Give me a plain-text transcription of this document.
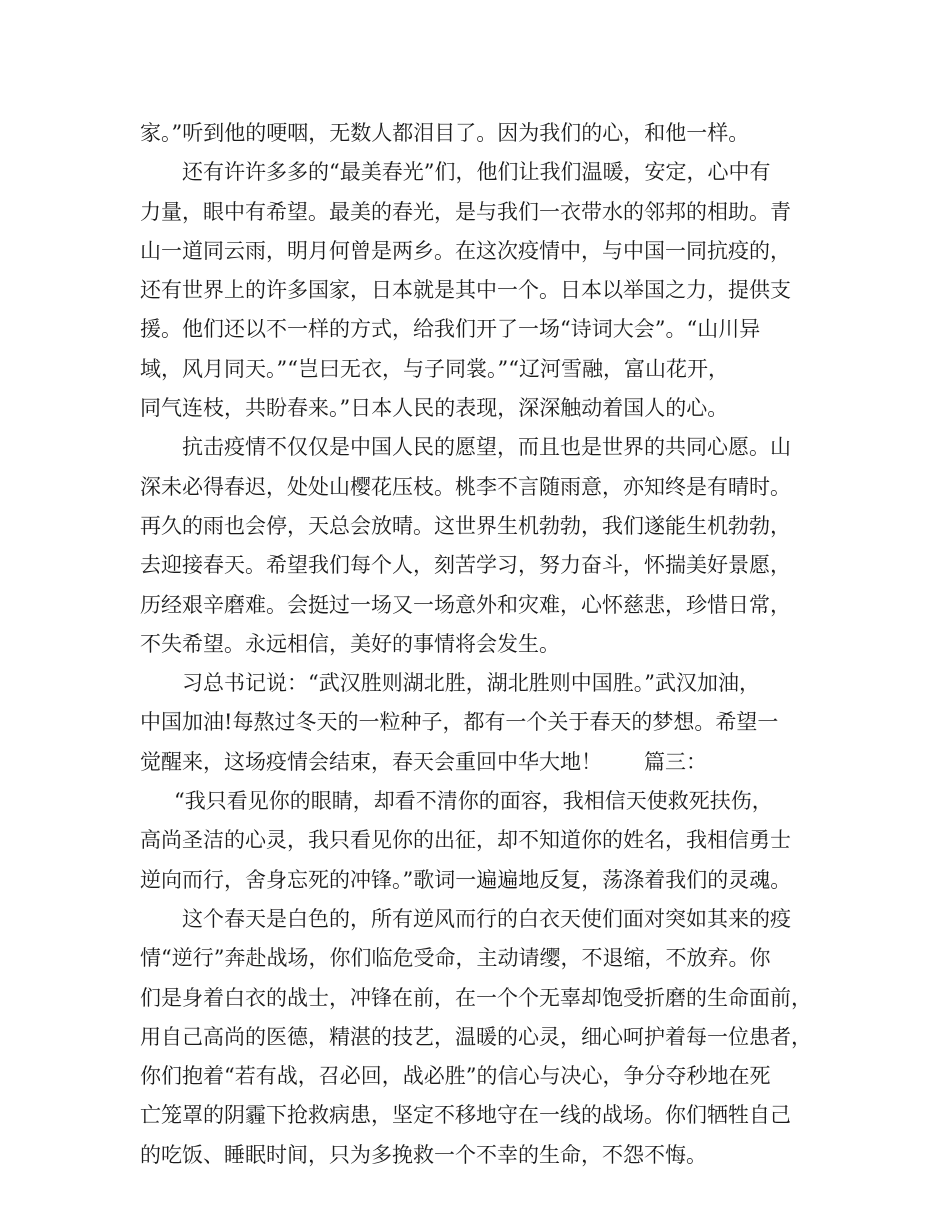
家。”听到他的哽咽，无数人都泪目了。因为我们的心，和他一样。
还有许许多多的“最美春光”们，他们让我们温暖，安定，心中有
力量，眼中有希望。最美的春光，是与我们一衣带水的邻邦的相助。青
山一道同云雨，明月何曾是两乡。在这次疫情中，与中国一同抗疫的，
还有世界上的许多国家，日本就是其中一个。日本以举国之力，提供支
援。他们还以不一样的方式，给我们开了一场“诗词大会”。“山川异
域，风月同天。”“岂曰无衣，与子同裳。”“辽河雪融，富山花开，
同气连枝，共盼春来。”日本人民的表现，深深触动着国人的心。
抗击疫情不仅仅是中国人民的愿望，而且也是世界的共同心愿。山
深未必得春迟，处处山樱花压枝。桃李不言随雨意，亦知终是有晴时。
再久的雨也会停，天总会放晴。这世界生机勃勃，我们遂能生机勃勃，
去迎接春天。希望我们每个人，刻苦学习，努力奋斗，怀揣美好景愿，
历经艰辛磨难。会挺过一场又一场意外和灾难，心怀慈悲，珍惜日常，
不失希望。永远相信，美好的事情将会发生。
习总书记说：“武汉胜则湖北胜，湖北胜则中国胜。”武汉加油，
中国加油!每熬过冬天的一粒种子，都有一个关于春天的梦想。希望一
觉醒来，这场疫情会结束，春天会重回中华大地！　　篇三：
“我只看见你的眼睛，却看不清你的面容，我相信天使救死扶伤，
高尚圣洁的心灵，我只看见你的出征，却不知道你的姓名，我相信勇士
逆向而行，舍身忘死的冲锋。”歌词一遍遍地反复，荡涤着我们的灵魂。
这个春天是白色的，所有逆风而行的白衣天使们面对突如其来的疫
情“逆行”奔赴战场，你们临危受命，主动请缨，不退缩，不放弃。你
们是身着白衣的战士，冲锋在前，在一个个无辜却饱受折磨的生命面前，
用自己高尚的医德，精湛的技艺，温暖的心灵，细心呵护着每一位患者，
你们抱着“若有战，召必回，战必胜”的信心与决心，争分夺秒地在死
亡笼罩的阴霾下抢救病患，坚定不移地守在一线的战场。你们牺牲自己
的吃饭、睡眠时间，只为多挽救一个不幸的生命，不怨不悔。
